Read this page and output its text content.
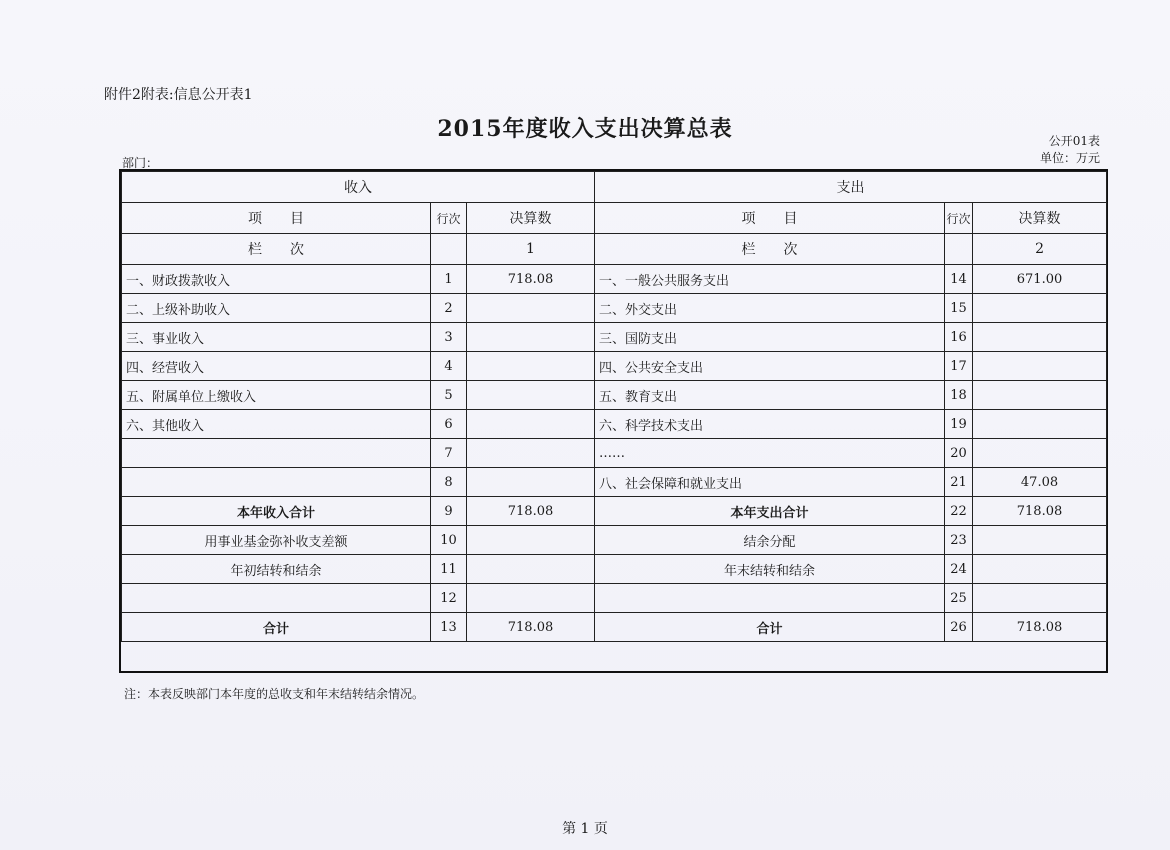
附件2附表:信息公开表1
2015年度收入支出决算总表	公开01表
单位：万元
部门：
收入			支出		
项　　目	行次	决算数	项　　目	行次	决算数
栏　　次		1	栏　　次		2
一、财政拨款收入	1	718.08	一、一般公共服务支出	14	671.00
二、上级补助收入	2		二、外交支出	15	
三、事业收入	3		三、国防支出	16	
四、经营收入	4		四、公共安全支出	17	
五、附属单位上缴收入	5		五、教育支出	18	
六、其他收入	6		六、科学技术支出	19	
	7		……	20	
	8		八、社会保障和就业支出	21	47.08
本年收入合计	9	718.08	本年支出合计	22	718.08
用事业基金弥补收支差额	10		结余分配	23	
年初结转和结余	11		年末结转和结余	24	
	12			25	
合计	13	718.08	合计	26	718.08
注：本表反映部门本年度的总收支和年末结转结余情况。
第 1 页
